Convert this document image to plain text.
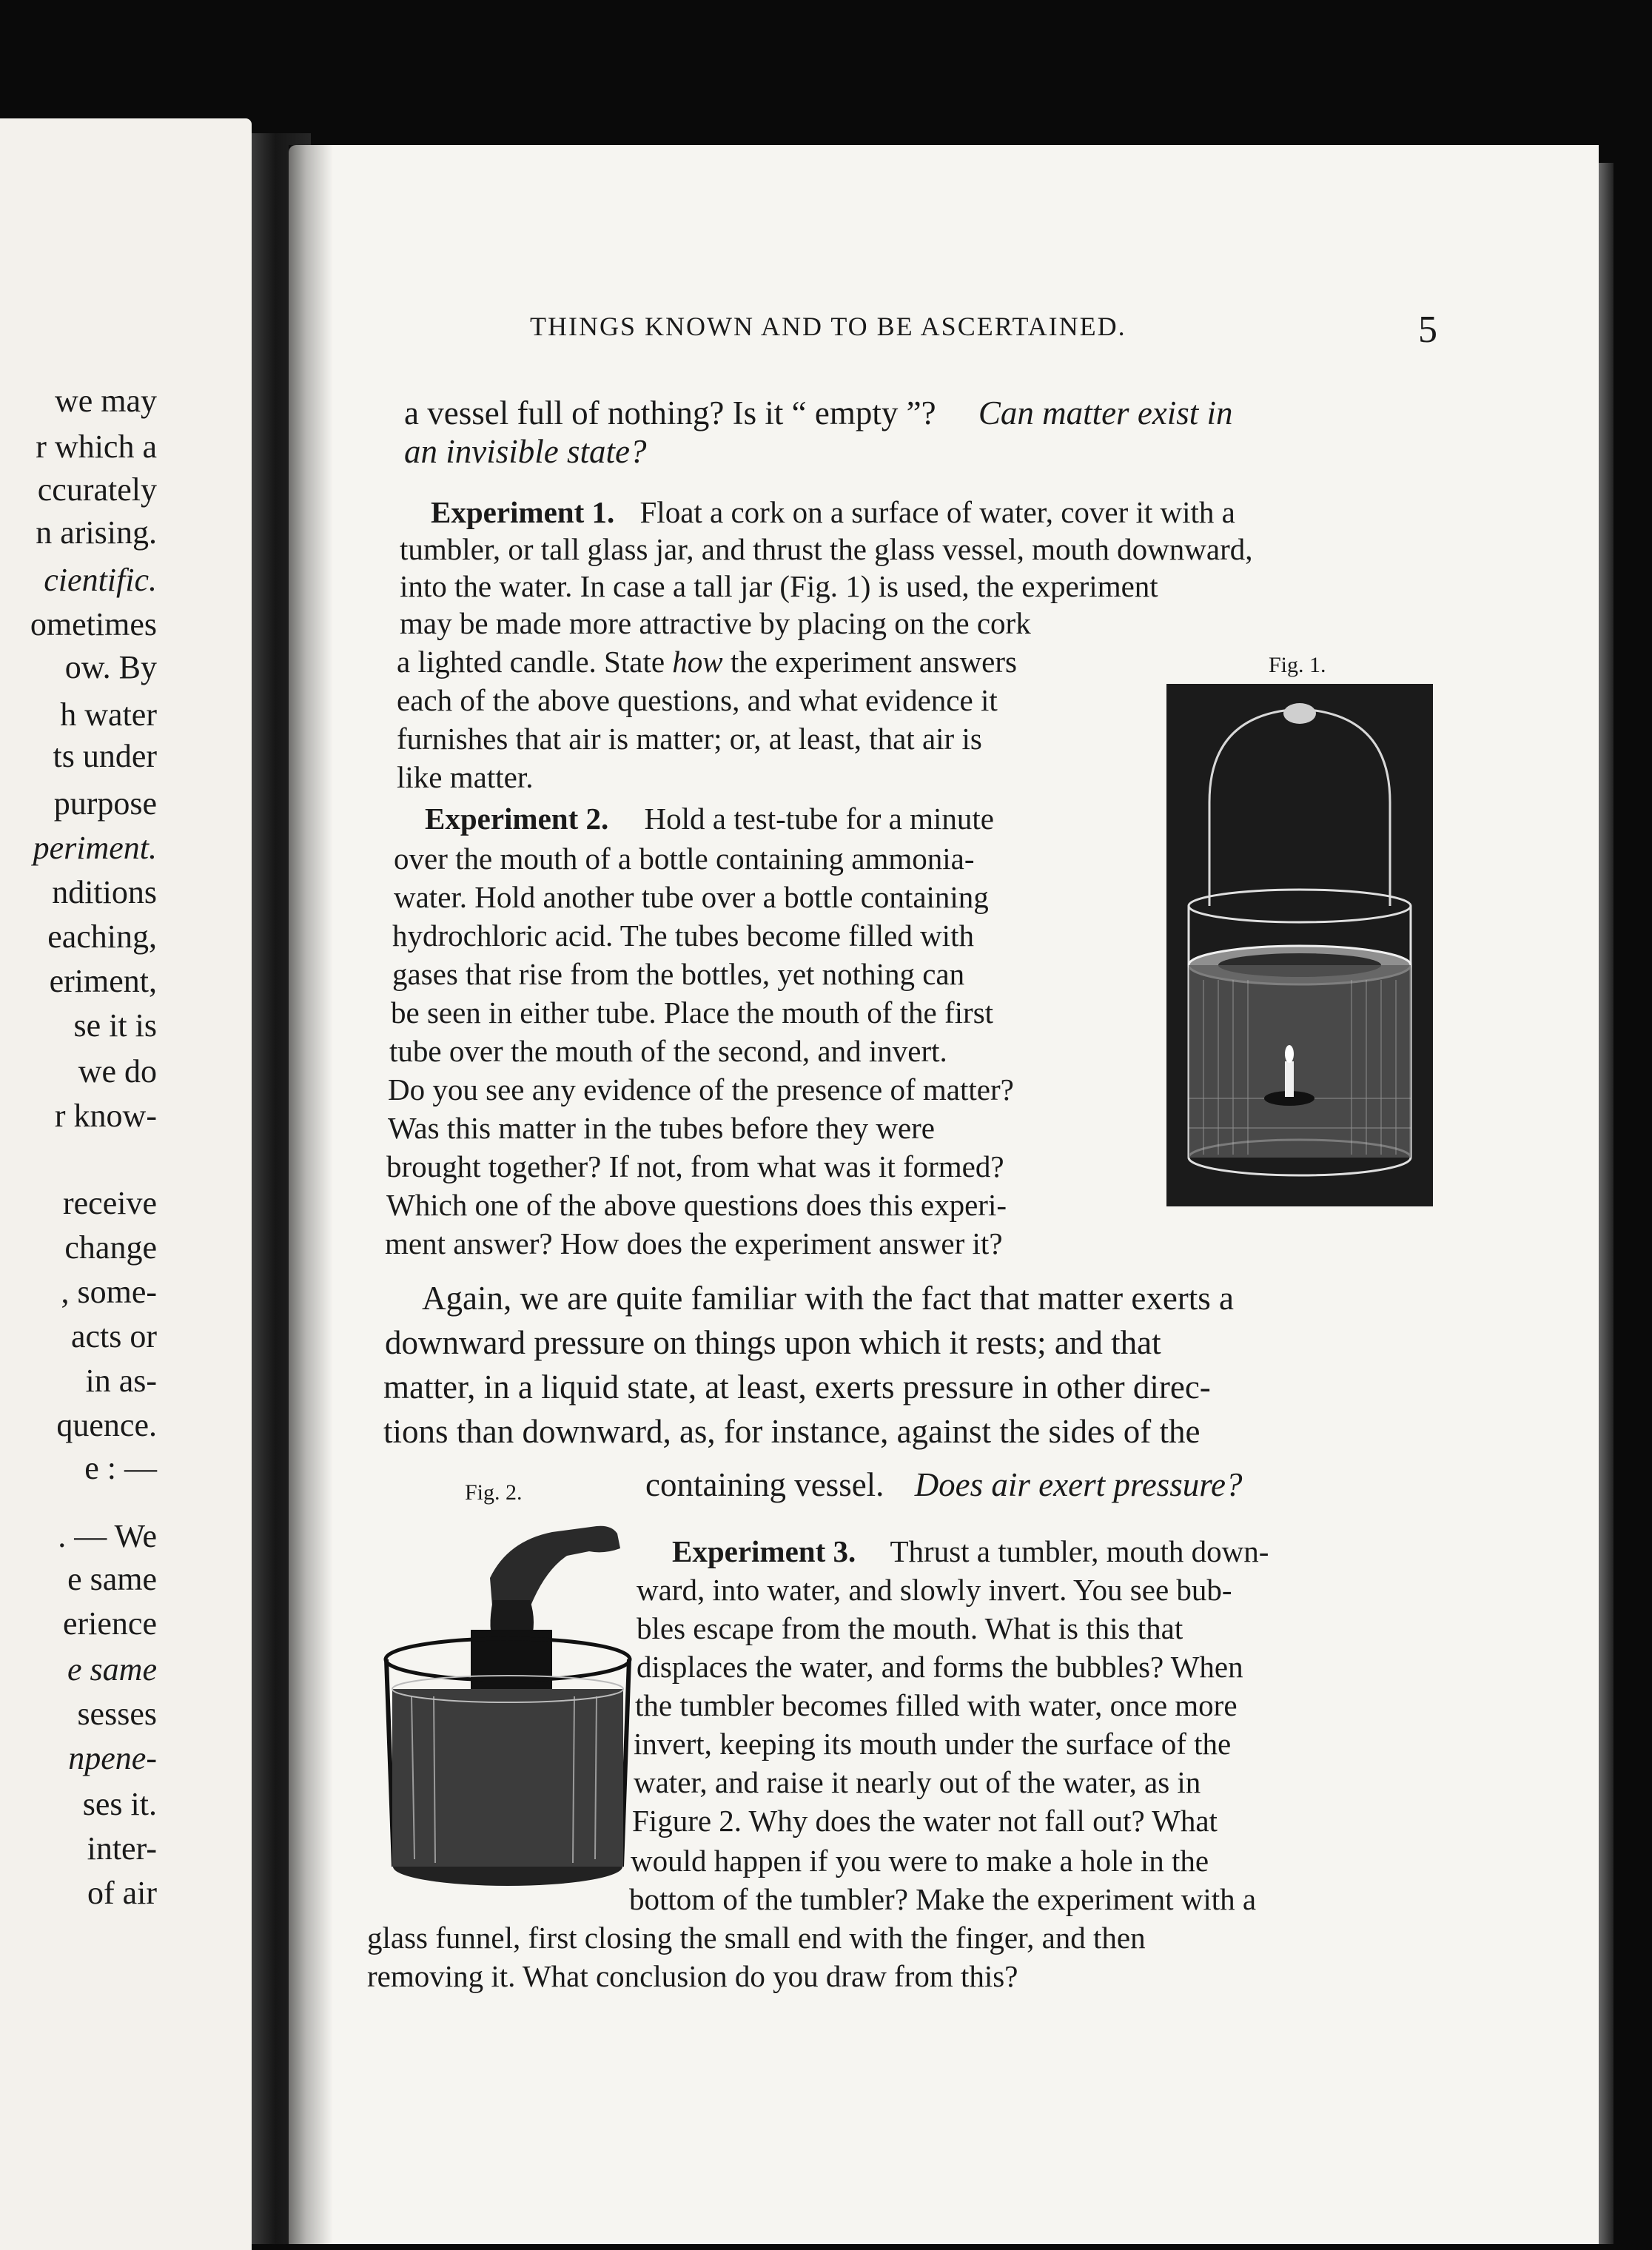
we may
r which a
ccurately
n arising.
cientific.
ometimes
ow. By
h water
ts under
purpose
periment.
nditions
eaching,
eriment,
se it is
we do
r know-
receive
change
, some-
acts or
in as-
quence.
e : —
. — We
e same
erience
e same
sesses
npene-
ses it.
inter-
of air
THINGS KNOWN AND TO BE ASCERTAINED.	5
a vessel full of nothing? Is it “ empty ”? Can matter exist in
an invisible state?
Experiment 1. Float a cork on a surface of water, cover it with a
tumbler, or tall glass jar, and thrust the glass vessel, mouth downward,
into the water. In case a tall jar (Fig. 1) is used, the experiment
may be made more attractive by placing on the cork
a lighted candle. State how the experiment answers
each of the above questions, and what evidence it
furnishes that air is matter; or, at least, that air is
like matter.
Experiment 2. Hold a test-tube for a minute
over the mouth of a bottle containing ammonia-
water. Hold another tube over a bottle containing
hydrochloric acid. The tubes become filled with
gases that rise from the bottles, yet nothing can
be seen in either tube. Place the mouth of the first
tube over the mouth of the second, and invert.
Do you see any evidence of the presence of matter?
Was this matter in the tubes before they were
brought together? If not, from what was it formed?
Which one of the above questions does this experi-
ment answer? How does the experiment answer it?
Again, we are quite familiar with the fact that matter exerts a
downward pressure on things upon which it rests; and that
matter, in a liquid state, at least, exerts pressure in other direc-
tions than downward, as, for instance, against the sides of the
containing vessel. Does air exert pressure?
Experiment 3. Thrust a tumbler, mouth down-
ward, into water, and slowly invert. You see bub-
bles escape from the mouth. What is this that
displaces the water, and forms the bubbles? When
the tumbler becomes filled with water, once more
invert, keeping its mouth under the surface of the
water, and raise it nearly out of the water, as in
Figure 2. Why does the water not fall out? What
would happen if you were to make a hole in the
bottom of the tumbler? Make the experiment with a
glass funnel, first closing the small end with the finger, and then
removing it. What conclusion do you draw from this?
Fig. 1.
Fig. 2.
